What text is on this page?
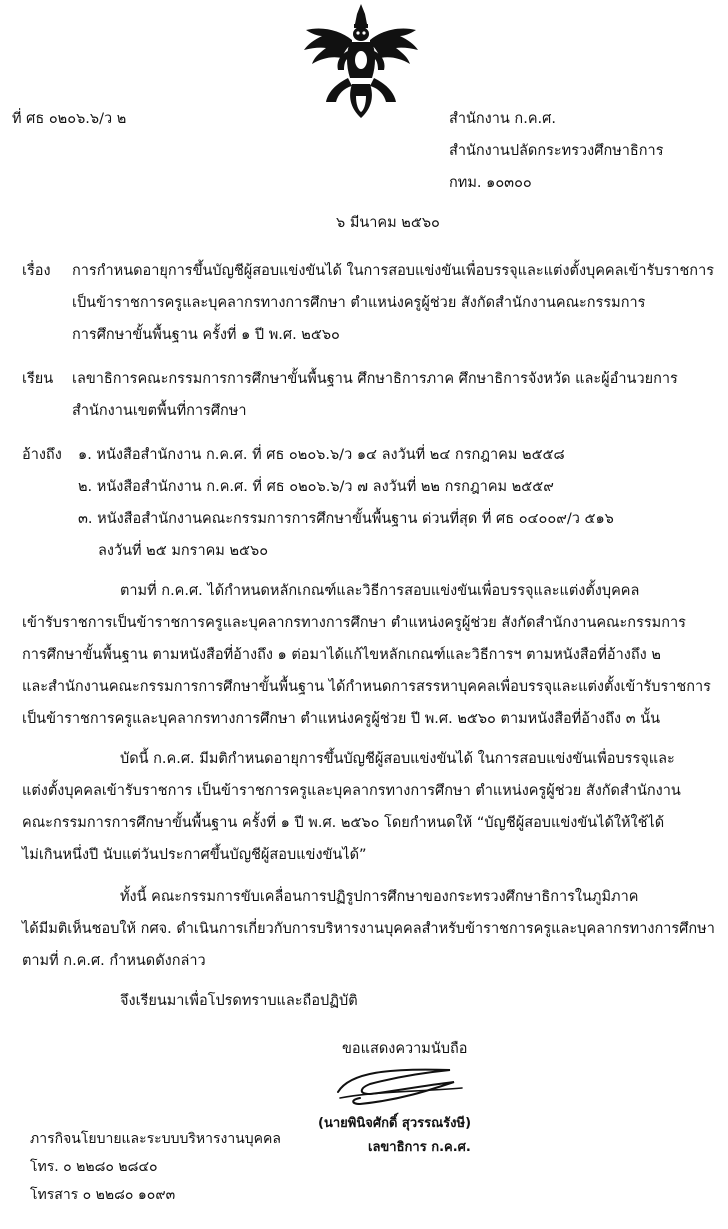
ที่ ศธ ๐๒๐๖.๖/ว ๒	สำนักงาน ก.ค.ศ.
สำนักงานปลัดกระทรวงศึกษาธิการ
กทม. ๑๐๓๐๐
๖ มีนาคม ๒๕๖๐
เรื่อง การกำหนดอายุการขึ้นบัญชีผู้สอบแข่งขันได้ ในการสอบแข่งขันเพื่อบรรจุและแต่งตั้งบุคคลเข้ารับราชการ
เป็นข้าราชการครูและบุคลากรทางการศึกษา ตำแหน่งครูผู้ช่วย สังกัดสำนักงานคณะกรรมการ
การศึกษาขั้นพื้นฐาน ครั้งที่ ๑ ปี พ.ศ. ๒๕๖๐
เรียน เลขาธิการคณะกรรมการการศึกษาขั้นพื้นฐาน ศึกษาธิการภาค ศึกษาธิการจังหวัด และผู้อำนวยการ
สำนักงานเขตพื้นที่การศึกษา
อ้างถึง ๑. หนังสือสำนักงาน ก.ค.ศ. ที่ ศธ ๐๒๐๖.๖/ว ๑๔ ลงวันที่ ๒๔ กรกฎาคม ๒๕๕๘
๒. หนังสือสำนักงาน ก.ค.ศ. ที่ ศธ ๐๒๐๖.๖/ว ๗ ลงวันที่ ๒๒ กรกฎาคม ๒๕๕๙
๓. หนังสือสำนักงานคณะกรรมการการศึกษาขั้นพื้นฐาน ด่วนที่สุด ที่ ศธ ๐๔๐๐๙/ว ๕๑๖
ลงวันที่ ๒๕ มกราคม ๒๕๖๐
ตามที่ ก.ค.ศ. ได้กำหนดหลักเกณฑ์และวิธีการสอบแข่งขันเพื่อบรรจุและแต่งตั้งบุคคล
เข้ารับราชการเป็นข้าราชการครูและบุคลากรทางการศึกษา ตำแหน่งครูผู้ช่วย สังกัดสำนักงานคณะกรรมการ
การศึกษาขั้นพื้นฐาน ตามหนังสือที่อ้างถึง ๑ ต่อมาได้แก้ไขหลักเกณฑ์และวิธีการฯ ตามหนังสือที่อ้างถึง ๒
และสำนักงานคณะกรรมการการศึกษาขั้นพื้นฐาน ได้กำหนดการสรรหาบุคคลเพื่อบรรจุและแต่งตั้งเข้ารับราชการ
เป็นข้าราชการครูและบุคลากรทางการศึกษา ตำแหน่งครูผู้ช่วย ปี พ.ศ. ๒๕๖๐ ตามหนังสือที่อ้างถึง ๓ นั้น
บัดนี้ ก.ค.ศ. มีมติกำหนดอายุการขึ้นบัญชีผู้สอบแข่งขันได้ ในการสอบแข่งขันเพื่อบรรจุและ
แต่งตั้งบุคคลเข้ารับราชการ เป็นข้าราชการครูและบุคลากรทางการศึกษา ตำแหน่งครูผู้ช่วย สังกัดสำนักงาน
คณะกรรมการการศึกษาขั้นพื้นฐาน ครั้งที่ ๑ ปี พ.ศ. ๒๕๖๐ โดยกำหนดให้ “บัญชีผู้สอบแข่งขันได้ให้ใช้ได้
ไม่เกินหนึ่งปี นับแต่วันประกาศขึ้นบัญชีผู้สอบแข่งขันได้”
ทั้งนี้ คณะกรรมการขับเคลื่อนการปฏิรูปการศึกษาของกระทรวงศึกษาธิการในภูมิภาค
ได้มีมติเห็นชอบให้ กศจ. ดำเนินการเกี่ยวกับการบริหารงานบุคคลสำหรับข้าราชการครูและบุคลากรทางการศึกษา
ตามที่ ก.ค.ศ. กำหนดดังกล่าว
จึงเรียนมาเพื่อโปรดทราบและถือปฏิบัติ
ขอแสดงความนับถือ
(นายพินิจศักดิ์ สุวรรณรังษี)
เลขาธิการ ก.ค.ศ.
ภารกิจนโยบายและระบบบริหารงานบุคคล
โทร. ๐ ๒๒๘๐ ๒๘๔๐
โทรสาร ๐ ๒๒๘๐ ๑๐๙๓
